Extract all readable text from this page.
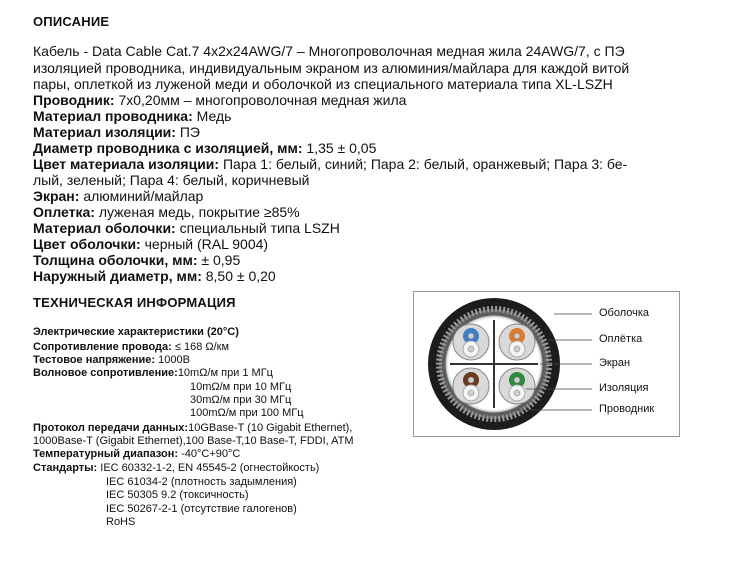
ОПИСАНИЕ
Кабель - Data Cable Cat.7 4x2x24AWG/7 – Многопроволочная медная жила 24AWG/7, с ПЭ
изоляцией проводника, индивидуальным экраном из алюминия/майлара для каждой витой
пары, оплеткой из луженой меди и оболочкой из специального материала типа XL-LSZH
Проводник: 7x0,20мм – многопроволочная медная жила
Материал проводника: Медь
Материал изоляции: ПЭ
Диаметр проводника с изоляцией, мм: 1,35 ± 0,05
Цвет материала изоляции: Пара 1: белый, синий; Пара 2: белый, оранжевый; Пара 3: бе-
лый, зеленый; Пара 4: белый, коричневый
Экран: алюминий/майлар
Оплетка: луженая медь, покрытие ≥85%
Материал оболочки: специальный типа LSZH
Цвет оболочки: черный (RAL 9004)
Толщина оболочки, мм: ± 0,95
Наружный диаметр, мм: 8,50 ± 0,20
ТЕХНИЧЕСКАЯ ИНФОРМАЦИЯ
Электрические характеристики (20°С)
Сопротивление провода: ≤ 168 Ω/км
Тестовое напряжение: 1000В
Волновое сопротивление:10mΩ/м при 1 МГц
10mΩ/м при 10 МГц
30mΩ/м при 30 МГц
100mΩ/м при 100 МГц
Протокол передачи данных:10GBase-T (10 Gigabit Ethernet),
1000Base-T (Gigabit Ethernet),100 Base-T,10 Base-T, FDDI, ATM
Температурный диапазон: -40°C+90°C
Стандарты: IEC 60332-1-2, EN 45545-2 (огнестойкость)
IEC 61034-2 (плотность задымления)
IEC 50305 9.2 (токсичность)
IEC 50267-2-1 (отсутствие галогенов)
RoHS
Оболочка
Оплётка
Экран
Изоляция
Проводник
